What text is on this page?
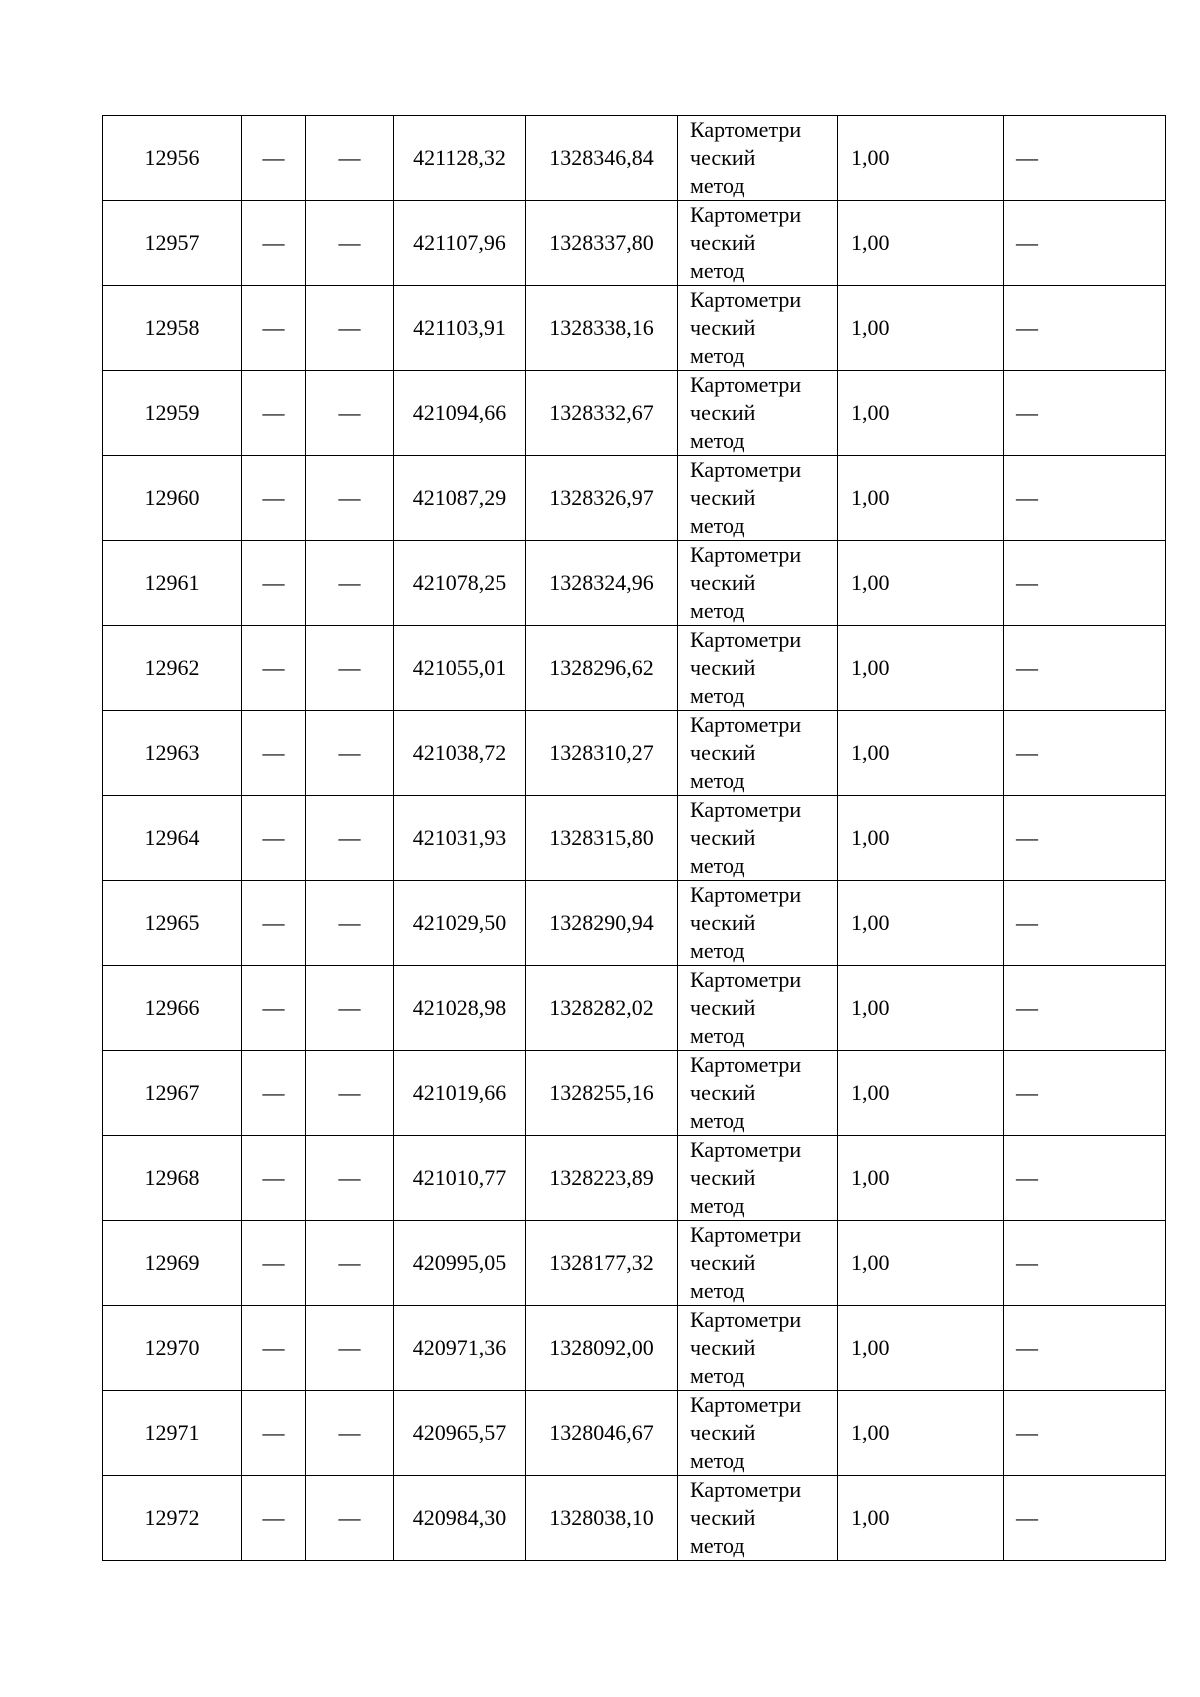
12956	—	—	421128,32	1328346,84	Картометри
ческий
метод	1,00	—
12957	—	—	421107,96	1328337,80	Картометри
ческий
метод	1,00	—
12958	—	—	421103,91	1328338,16	Картометри
ческий
метод	1,00	—
12959	—	—	421094,66	1328332,67	Картометри
ческий
метод	1,00	—
12960	—	—	421087,29	1328326,97	Картометри
ческий
метод	1,00	—
12961	—	—	421078,25	1328324,96	Картометри
ческий
метод	1,00	—
12962	—	—	421055,01	1328296,62	Картометри
ческий
метод	1,00	—
12963	—	—	421038,72	1328310,27	Картометри
ческий
метод	1,00	—
12964	—	—	421031,93	1328315,80	Картометри
ческий
метод	1,00	—
12965	—	—	421029,50	1328290,94	Картометри
ческий
метод	1,00	—
12966	—	—	421028,98	1328282,02	Картометри
ческий
метод	1,00	—
12967	—	—	421019,66	1328255,16	Картометри
ческий
метод	1,00	—
12968	—	—	421010,77	1328223,89	Картометри
ческий
метод	1,00	—
12969	—	—	420995,05	1328177,32	Картометри
ческий
метод	1,00	—
12970	—	—	420971,36	1328092,00	Картометри
ческий
метод	1,00	—
12971	—	—	420965,57	1328046,67	Картометри
ческий
метод	1,00	—
12972	—	—	420984,30	1328038,10	Картометри
ческий
метод	1,00	—
